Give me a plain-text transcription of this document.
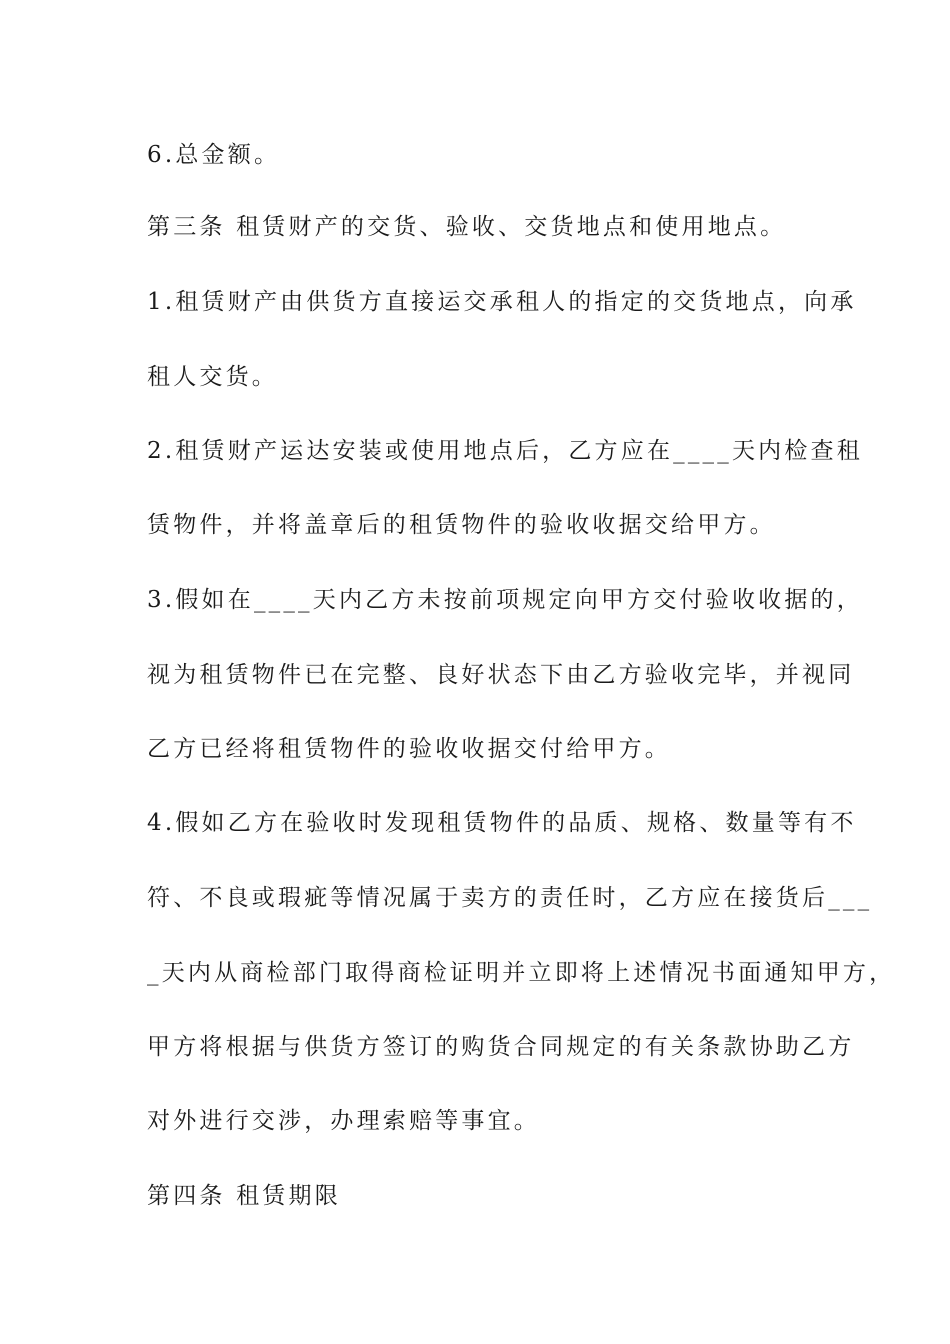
6.总金额。
第三条 租赁财产的交货、验收、交货地点和使用地点。
1.租赁财产由供货方直接运交承租人的指定的交货地点，向承
租人交货。
2.租赁财产运达安装或使用地点后，乙方应在____天内检查租
赁物件，并将盖章后的租赁物件的验收收据交给甲方。
3.假如在____天内乙方未按前项规定向甲方交付验收收据的，
视为租赁物件已在完整、良好状态下由乙方验收完毕，并视同
乙方已经将租赁物件的验收收据交付给甲方。
4.假如乙方在验收时发现租赁物件的品质、规格、数量等有不
符、不良或瑕疵等情况属于卖方的责任时，乙方应在接货后___
_天内从商检部门取得商检证明并立即将上述情况书面通知甲方，
甲方将根据与供货方签订的购货合同规定的有关条款协助乙方
对外进行交涉，办理索赔等事宜。
第四条 租赁期限
